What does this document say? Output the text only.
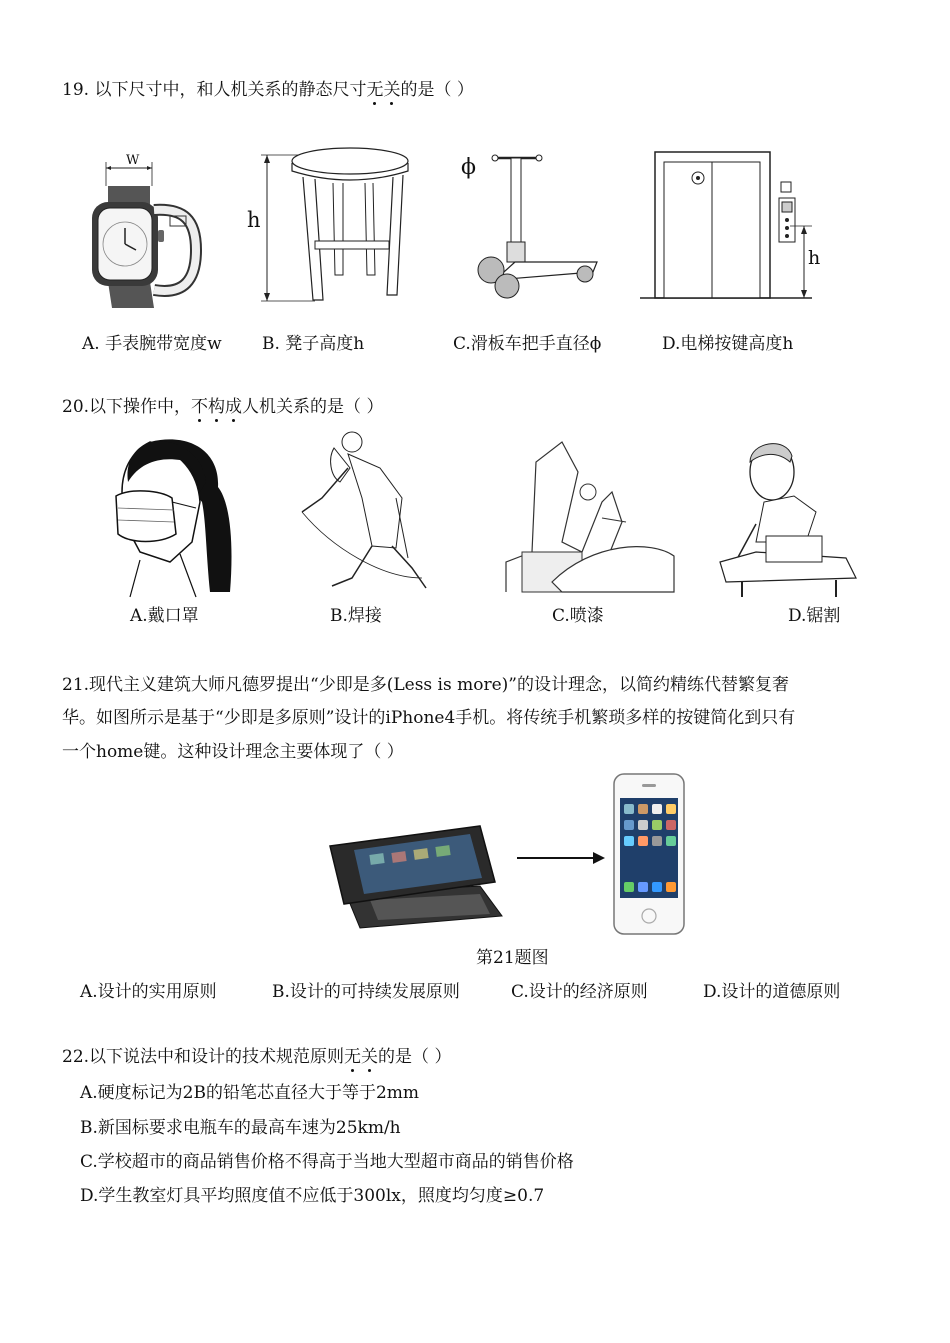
19. 以下尺寸中，和人机关系的静态尺寸无关的是（ ）
W
h
ϕ
h
A. 手表腕带宽度w B. 凳子高度h	C.滑板车把手直径ϕ	D.电梯按键高度h
20.以下操作中，不构成人机关系的是（ ）
A.戴口罩	B.焊接	C.喷漆	D.锯割
21.现代主义建筑大师凡德罗提出“少即是多(Less is more)”的设计理念，以简约精练代替繁复奢
华。如图所示是基于“少即是多原则”设计的iPhone4手机。将传统手机繁琐多样的按键简化到只有
一个home键。这种设计理念主要体现了（ ）
第21题图
A.设计的实用原则	B.设计的可持续发展原则	C.设计的经济原则	D.设计的道德原则
22.以下说法中和设计的技术规范原则无关的是（ ）
A.硬度标记为2B的铅笔芯直径大于等于2mm
B.新国标要求电瓶车的最高车速为25km/h
C.学校超市的商品销售价格不得高于当地大型超市商品的销售价格
D.学生教室灯具平均照度值不应低于300lx，照度均匀度≥0.7
